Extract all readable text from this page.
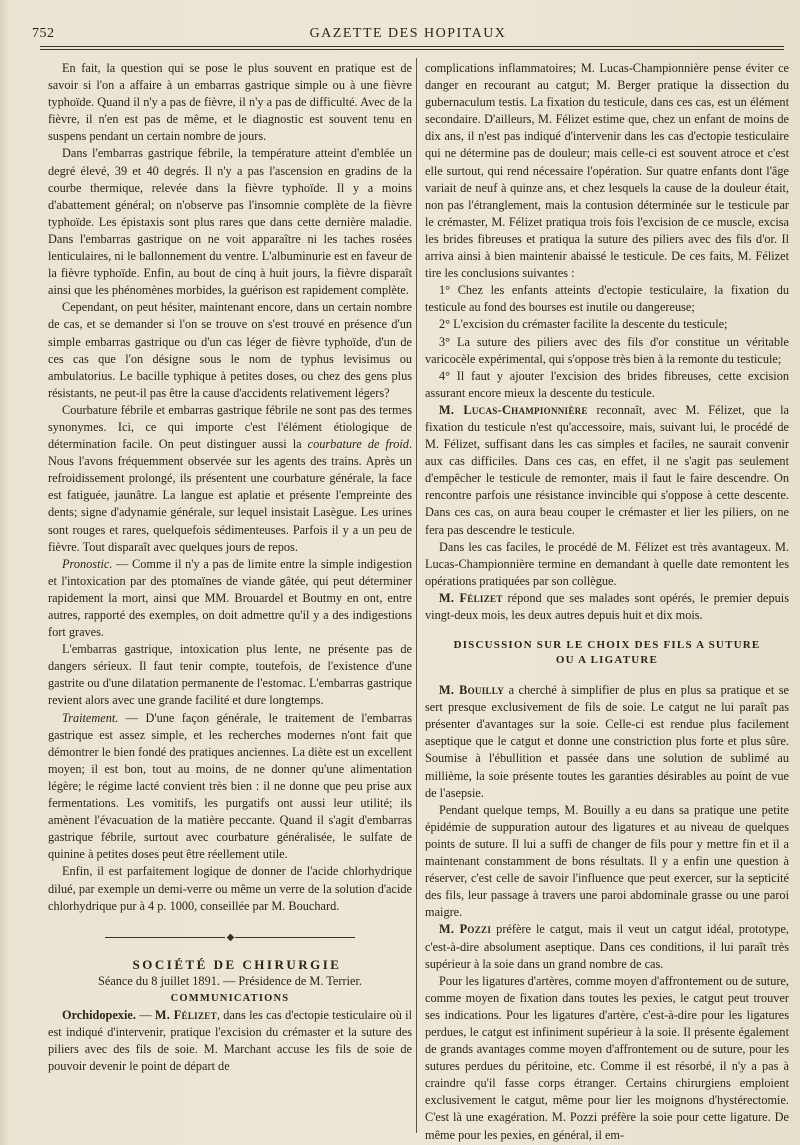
752	GAZETTE DES HOPITAUX

En fait, la question qui se pose le plus souvent en pratique est de savoir si l'on a affaire à un embarras gastrique simple ou à une fièvre typhoïde. Quand il n'y a pas de fièvre, il n'y a pas de difficulté. Avec de la fièvre, il n'en est pas de même, et le diagnostic est souvent tenu en suspens pendant un certain nombre de jours.

Dans l'embarras gastrique fébrile, la température atteint d'emblée un degré élevé, 39 et 40 degrés. Il n'y a pas l'ascension en gradins de la courbe thermique, relevée dans la fièvre typhoïde. Il y a moins d'abattement général; on n'observe pas l'insomnie complète de la fièvre typhoïde. Les épistaxis sont plus rares que dans cette dernière maladie. Dans l'embarras gastrique on ne voit apparaître ni les taches rosées lenticulaires, ni le ballonnement du ventre. L'albuminurie est en faveur de la fièvre typhoïde. Enfin, au bout de cinq à huit jours, la fièvre disparaît ainsi que les phénomènes morbides, la guérison est rapidement complète.

Cependant, on peut hésiter, maintenant encore, dans un certain nombre de cas, et se demander si l'on se trouve on s'est trouvé en présence d'un simple embarras gastrique ou d'un cas léger de fièvre typhoïde, d'un de ces cas que l'on désigne sous le nom de typhus levisimus ou ambulatorius. Le bacille typhique à petites doses, ou chez des gens plus résistants, ne peut-il pas être la cause d'accidents relativement légers?

Courbature fébrile et embarras gastrique fébrile ne sont pas des termes synonymes. Ici, ce qui importe c'est l'élément étiologique de détermination facile. On peut distinguer aussi la courbature de froid. Nous l'avons fréquemment observée sur les agents des trains. Après un refroidissement prolongé, ils présentent une courbature générale, la face est fatiguée, jaunâtre. La langue est aplatie et présente l'empreinte des dents; signe d'adynamie générale, sur lequel insistait Lasègue. Les urines sont rouges et rares, quelquefois sédimenteuses. Parfois il y a un peu de fièvre. Tout disparaît avec quelques jours de repos.

Pronostic. — Comme il n'y a pas de limite entre la simple indigestion et l'intoxication par des ptomaïnes de viande gâtée, qui peut déterminer rapidement la mort, ainsi que MM. Brouardel et Boutmy en ont, entre autres, rapporté des exemples, on doit admettre qu'il y a des indigestions fort graves.

L'embarras gastrique, intoxication plus lente, ne présente pas de dangers sérieux. Il faut tenir compte, toutefois, de l'existence d'une gastrite ou d'une dilatation permanente de l'estomac. L'embarras gastrique revient alors avec une grande facilité et dure longtemps.

Traitement. — D'une façon générale, le traitement de l'embarras gastrique est assez simple, et les recherches modernes n'ont fait que démontrer le bien fondé des pratiques anciennes. La diète est un excellent moyen; il est bon, tout au moins, de ne donner qu'une alimentation légère; le régime lacté convient très bien : il ne donne que peu prise aux fermentations. Les vomitifs, les purgatifs ont aussi leur utilité; ils amènent l'évacuation de la matière peccante. Quand il s'agit d'embarras gastrique fébrile, surtout avec courbature généralisée, le sulfate de quinine à petites doses peut être réellement utile.

Enfin, il est parfaitement logique de donner de l'acide chlorhydrique dilué, par exemple un demi-verre ou même un verre de la solution d'acide chlorhydrique pur à 4 p. 1000, conseillée par M. Bouchard.

◆

SOCIÉTÉ DE CHIRURGIE

Séance du 8 juillet 1891. — Présidence de M. Terrier.

COMMUNICATIONS

Orchidopexie. — M. Félizet, dans les cas d'ectopie testiculaire où il est indiqué d'intervenir, pratique l'excision du crémaster et la suture des piliers avec des fils de soie. M. Marchant accuse les fils de soie de pouvoir devenir le point de départ de

complications inflammatoires; M. Lucas-Championnière pense éviter ce danger en recourant au catgut; M. Berger pratique la dissection du gubernaculum testis. La fixation du testicule, dans ces cas, est un élément secondaire. D'ailleurs, M. Félizet estime que, chez un enfant de moins de dix ans, il n'est pas indiqué d'intervenir dans les cas d'ectopie testiculaire qui ne détermine pas de douleur; mais celle-ci est souvent atroce et c'est elle surtout, qui rend nécessaire l'opération. Sur quatre enfants dont l'âge variait de neuf à quinze ans, et chez lesquels la cause de la douleur était, non pas l'étranglement, mais la contusion déterminée sur le testicule par le crémaster, M. Félizet pratiqua trois fois l'excision de ce muscle, excisa les brides fibreuses et pratiqua la suture des piliers avec des fils d'or. Il arriva ainsi à bien maintenir abaissé le testicule. De ces faits, M. Félizet tire les conclusions suivantes :

1° Chez les enfants atteints d'ectopie testiculaire, la fixation du testicule au fond des bourses est inutile ou dangereuse;

2° L'excision du crémaster facilite la descente du testicule;

3° La suture des piliers avec des fils d'or constitue un véritable varicocèle expérimental, qui s'oppose très bien à la remonte du testicule;

4° Il faut y ajouter l'excision des brides fibreuses, cette excision assurant encore mieux la descente du testicule.

M. Lucas-Championnière reconnaît, avec M. Félizet, que la fixation du testicule n'est qu'accessoire, mais, suivant lui, le procédé de M. Félizet, suffisant dans les cas simples et faciles, ne saurait convenir aux cas difficiles. Dans ces cas, en effet, il ne s'agit pas seulement d'empêcher le testicule de remonter, mais il faut le faire descendre. On rencontre parfois une résistance invincible qui s'oppose à cette descente. Dans ces cas, on aura beau couper le crémaster et lier les piliers, on ne fera pas descendre le testicule.

Dans les cas faciles, le procédé de M. Félizet est très avantageux. M. Lucas-Championnière termine en demandant à quelle date remontent les opérations pratiquées par son collègue.

M. Félizet répond que ses malades sont opérés, le premier depuis vingt-deux mois, les deux autres depuis huit et dix mois.

DISCUSSION SUR LE CHOIX DES FILS A SUTURE
OU A LIGATURE

M. Bouilly a cherché à simplifier de plus en plus sa pratique et se sert presque exclusivement de fils de soie. Le catgut ne lui paraît pas présenter d'avantages sur la soie. Celle-ci est rendue plus facilement aseptique que le catgut et donne une constriction plus forte et plus sûre. Soumise à l'ébullition et passée dans une solution de sublimé au millième, la soie présente toutes les garanties désirables au point de vue de l'asepsie.

Pendant quelque temps, M. Bouilly a eu dans sa pratique une petite épidémie de suppuration autour des ligatures et au niveau de quelques points de suture. Il lui a suffi de changer de fils pour y mettre fin et il a maintenant constamment de bons résultats. Il y a enfin une question à réserver, c'est celle de savoir l'influence que peut exercer, sur la septicité des fils, leur passage à travers une paroi abdominale grasse ou une paroi maigre.

M. Pozzi préfère le catgut, mais il veut un catgut idéal, prototype, c'est-à-dire absolument aseptique. Dans ces conditions, il lui paraît très supérieur à la soie dans un grand nombre de cas.

Pour les ligatures d'artères, comme moyen d'affrontement ou de suture, comme moyen de fixation dans toutes les pexies, le catgut peut trouver ses indications. Pour les ligatures d'artère, c'est-à-dire pour les ligatures perdues, le catgut est infiniment supérieur à la soie. Il présente également de grands avantages comme moyen d'affrontement ou de suture, pour les sutures perdues du péritoine, etc. Comme il est résorbé, il n'y a pas à craindre qu'il fasse corps étranger. Certains chirurgiens emploient exclusivement le catgut, même pour lier les moignons d'hystérectomie. C'est là une exagération. M. Pozzi préfère la soie pour cette ligature. De même pour les pexies, en général, il em-
